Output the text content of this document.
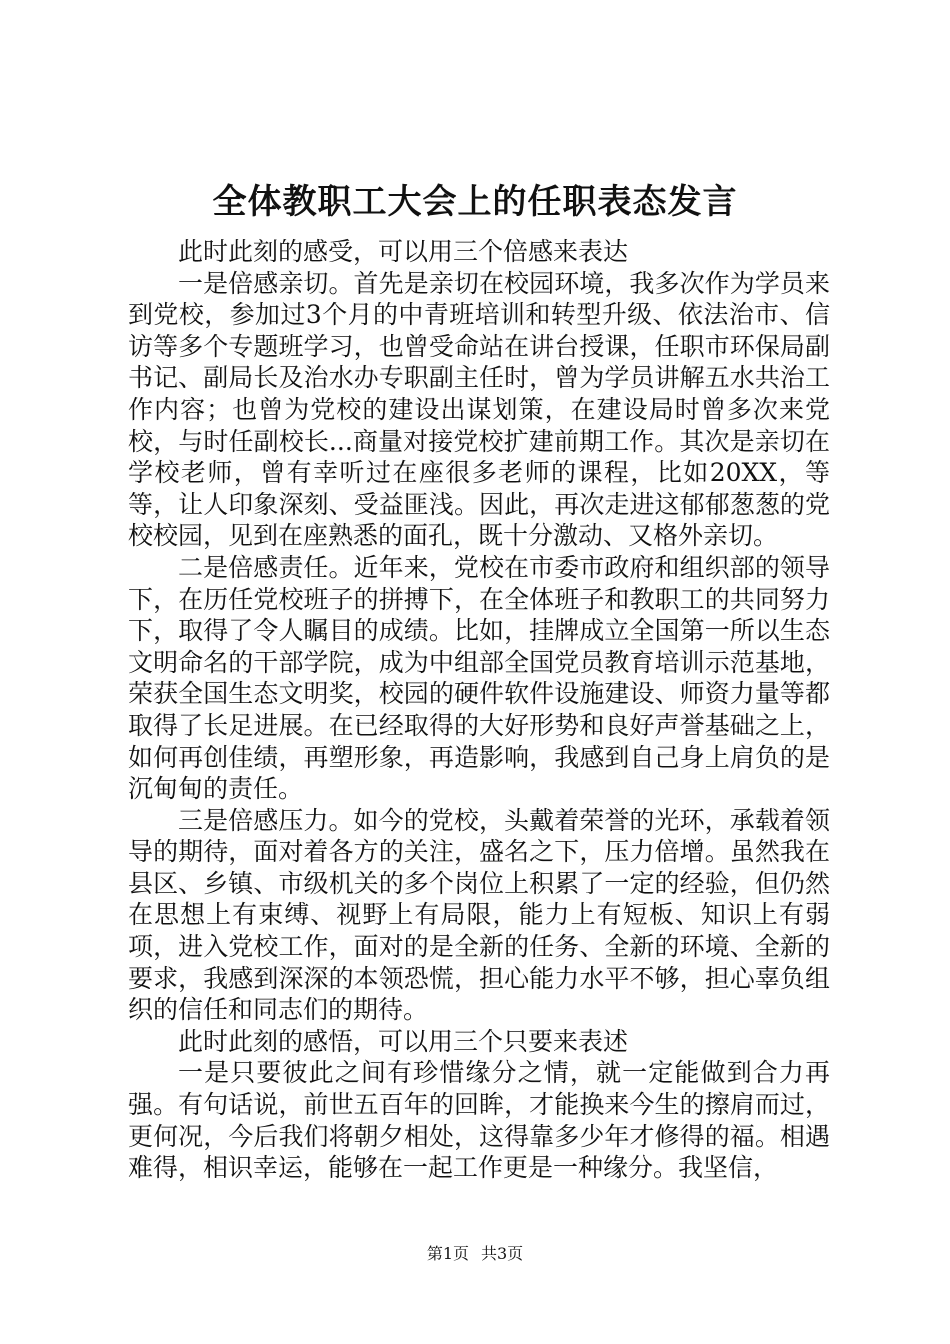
全体教职工大会上的任职表态发言

此时此刻的感受，可以用三个倍感来表达

一是倍感亲切。首先是亲切在校园环境，我多次作为学员来到党校，参加过3个月的中青班培训和转型升级、依法治市、信访等多个专题班学习，也曾受命站在讲台授课，任职市环保局副书记、副局长及治水办专职副主任时，曾为学员讲解五水共治工作内容；也曾为党校的建设出谋划策，在建设局时曾多次来党校，与时任副校长...商量对接党校扩建前期工作。其次是亲切在学校老师，曾有幸听过在座很多老师的课程，比如20XX，等等，让人印象深刻、受益匪浅。因此，再次走进这郁郁葱葱的党校校园，见到在座熟悉的面孔，既十分激动、又格外亲切。

二是倍感责任。近年来，党校在市委市政府和组织部的领导下，在历任党校班子的拼搏下，在全体班子和教职工的共同努力下，取得了令人瞩目的成绩。比如，挂牌成立全国第一所以生态文明命名的干部学院，成为中组部全国党员教育培训示范基地，荣获全国生态文明奖，校园的硬件软件设施建设、师资力量等都取得了长足进展。在已经取得的大好形势和良好声誉基础之上，如何再创佳绩，再塑形象，再造影响，我感到自己身上肩负的是沉甸甸的责任。

三是倍感压力。如今的党校，头戴着荣誉的光环，承载着领导的期待，面对着各方的关注，盛名之下，压力倍增。虽然我在县区、乡镇、市级机关的多个岗位上积累了一定的经验，但仍然在思想上有束缚、视野上有局限，能力上有短板、知识上有弱项，进入党校工作，面对的是全新的任务、全新的环境、全新的要求，我感到深深的本领恐慌，担心能力水平不够，担心辜负组织的信任和同志们的期待。

此时此刻的感悟，可以用三个只要来表述

一是只要彼此之间有珍惜缘分之情，就一定能做到合力再强。有句话说，前世五百年的回眸，才能换来今生的擦肩而过，更何况，今后我们将朝夕相处，这得靠多少年才修得的福。相遇难得，相识幸运，能够在一起工作更是一种缘分。我坚信，

第1页 共3页
